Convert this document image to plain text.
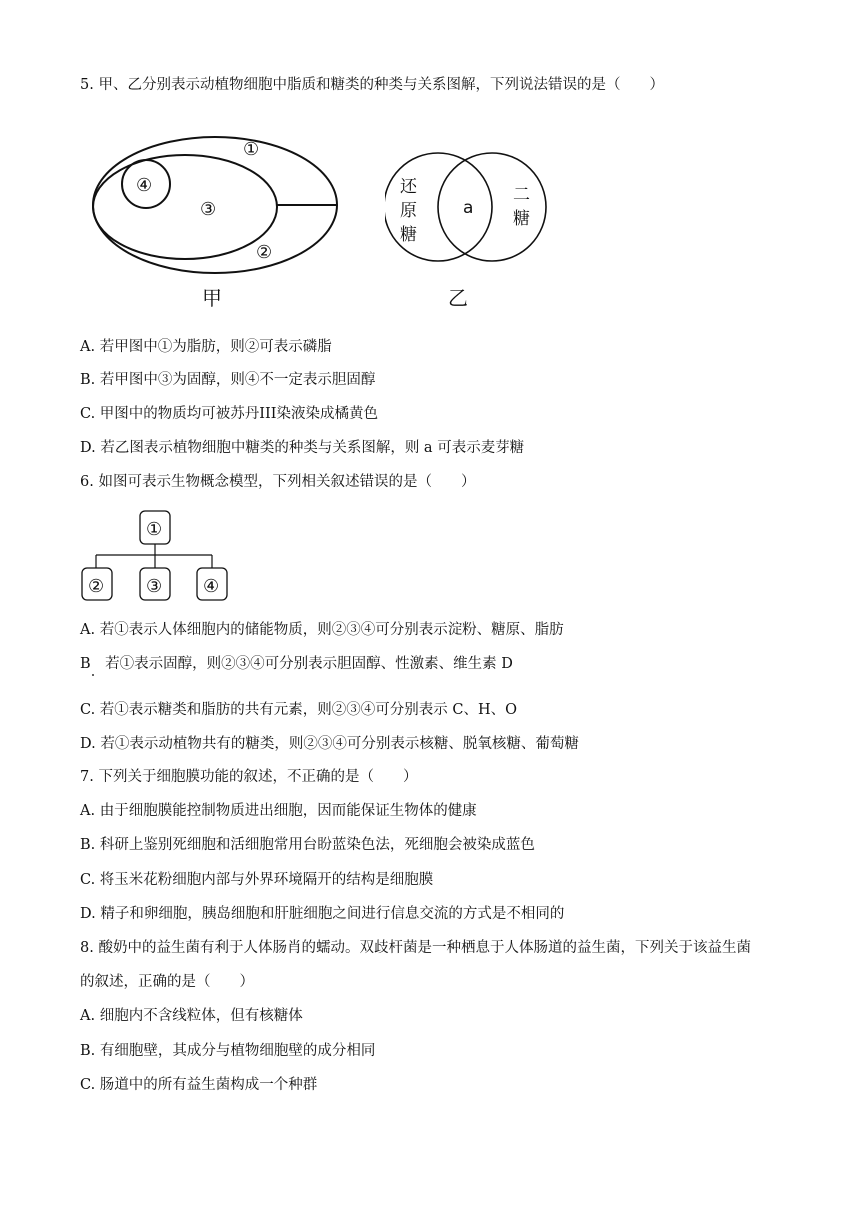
5. 甲、乙分别表示动植物细胞中脂质和糖类的种类与关系图解，下列说法错误的是（　　）
①
②
③
④
甲
还
原
糖
a
二
糖
乙
A. 若甲图中①为脂肪，则②可表示磷脂
B. 若甲图中③为固醇，则④不一定表示胆固醇
C. 甲图中的物质均可被苏丹III染液染成橘黄色
D. 若乙图表示植物细胞中糖类的种类与关系图解，则 a 可表示麦芽糖
6. 如图可表示生物概念模型，下列相关叙述错误的是（　　）
①
② ③ ④
A. 若①表示人体细胞内的储能物质，则②③④可分别表示淀粉、糖原、脂肪
B　若①表示固醇，则②③④可分别表示胆固醇、性激素、维生素 D
C. 若①表示糖类和脂肪的共有元素，则②③④可分别表示 C、H、O
D. 若①表示动植物共有的糖类，则②③④可分别表示核糖、脱氧核糖、葡萄糖
7. 下列关于细胞膜功能的叙述，不正确的是（　　）
A. 由于细胞膜能控制物质进出细胞，因而能保证生物体的健康
B. 科研上鉴别死细胞和活细胞常用台盼蓝染色法，死细胞会被染成蓝色
C. 将玉米花粉细胞内部与外界环境隔开的结构是细胞膜
D. 精子和卵细胞，胰岛细胞和肝脏细胞之间进行信息交流的方式是不相同的
8. 酸奶中的益生菌有利于人体肠肖的蠕动。双歧杆菌是一种栖息于人体肠道的益生菌，下列关于该益生菌
的叙述，正确的是（　　）
A. 细胞内不含线粒体，但有核糖体
B. 有细胞壁，其成分与植物细胞壁的成分相同
C. 肠道中的所有益生菌构成一个种群
